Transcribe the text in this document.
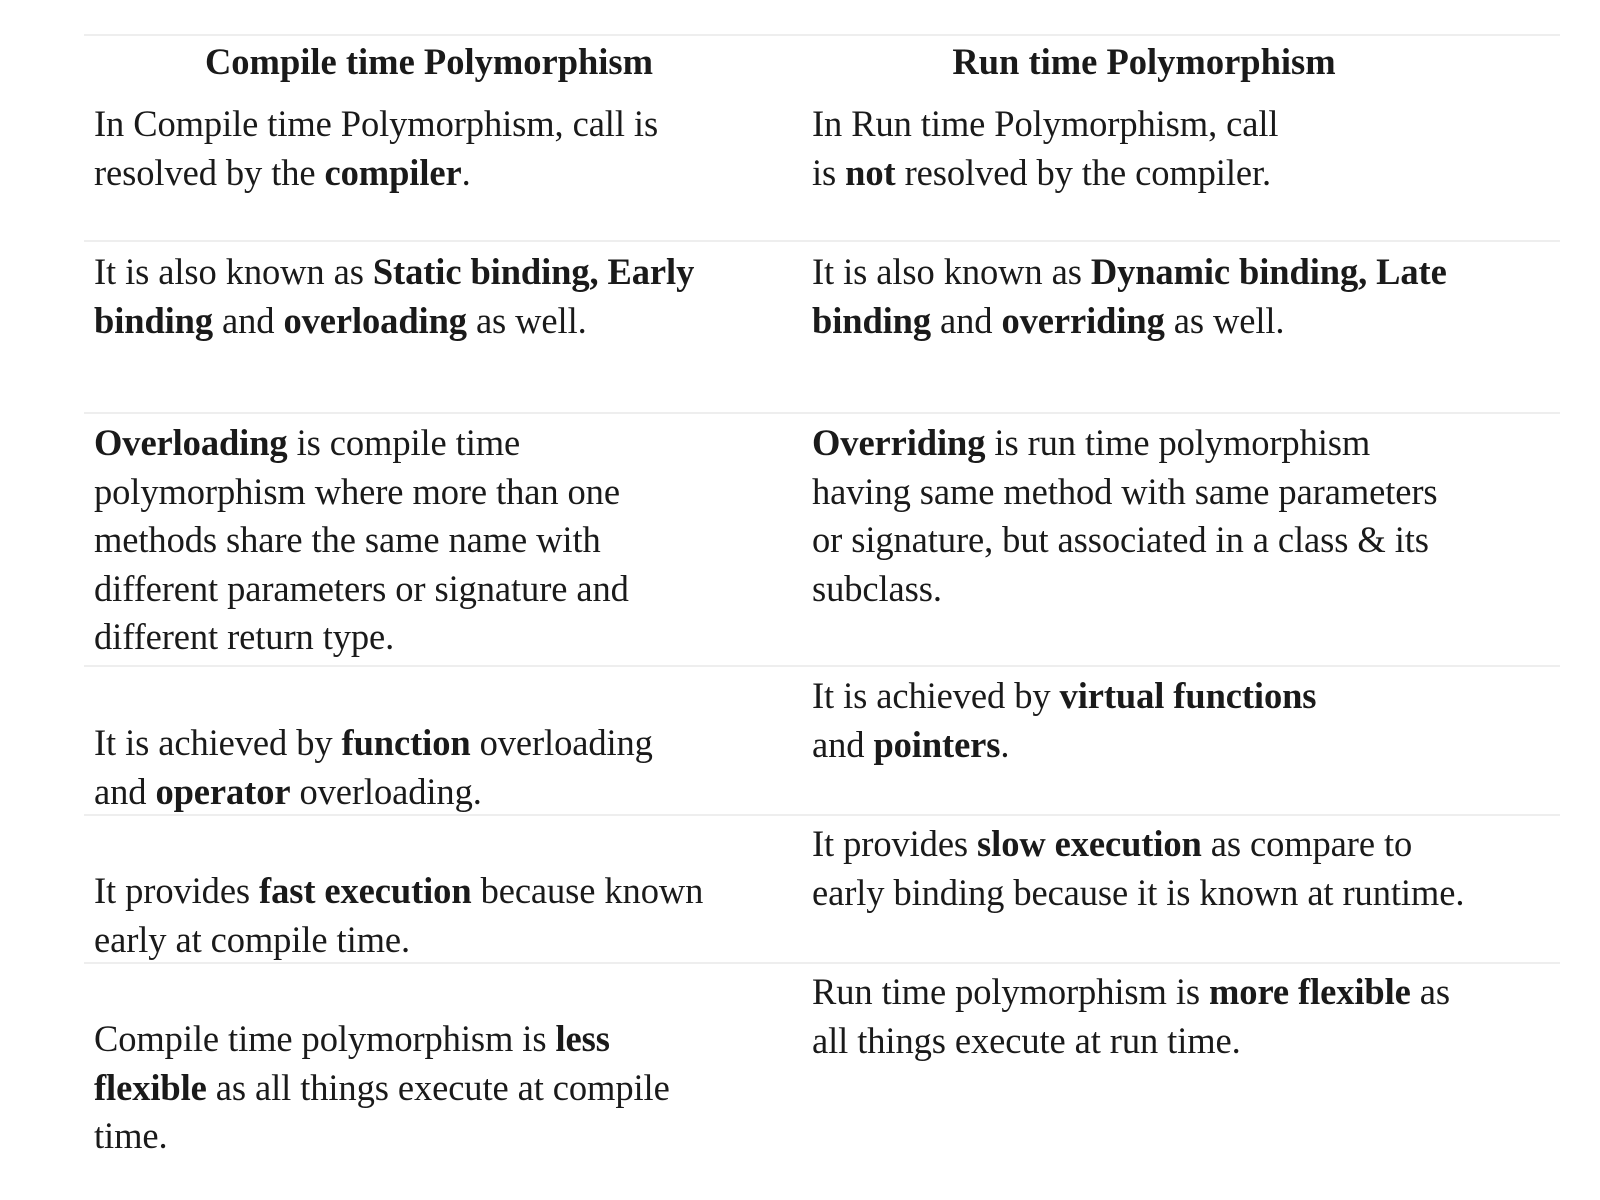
Compile time Polymorphism	Run time Polymorphism
In Compile time Polymorphism, call is
resolved by the compiler.
In Run time Polymorphism, call
is not resolved by the compiler.
It is also known as Static binding, Early
binding and overloading as well.
It is also known as Dynamic binding, Late
binding and overriding as well.
Overloading is compile time
polymorphism where more than one
methods share the same name with
different parameters or signature and
different return type.
Overriding is run time polymorphism
having same method with same parameters
or signature, but associated in a class & its
subclass.
It is achieved by function overloading
and operator overloading.
It is achieved by virtual functions
and pointers.
It provides fast execution because known
early at compile time.
It provides slow execution as compare to
early binding because it is known at runtime.
Compile time polymorphism is less
flexible as all things execute at compile
time.
Run time polymorphism is more flexible as
all things execute at run time.
